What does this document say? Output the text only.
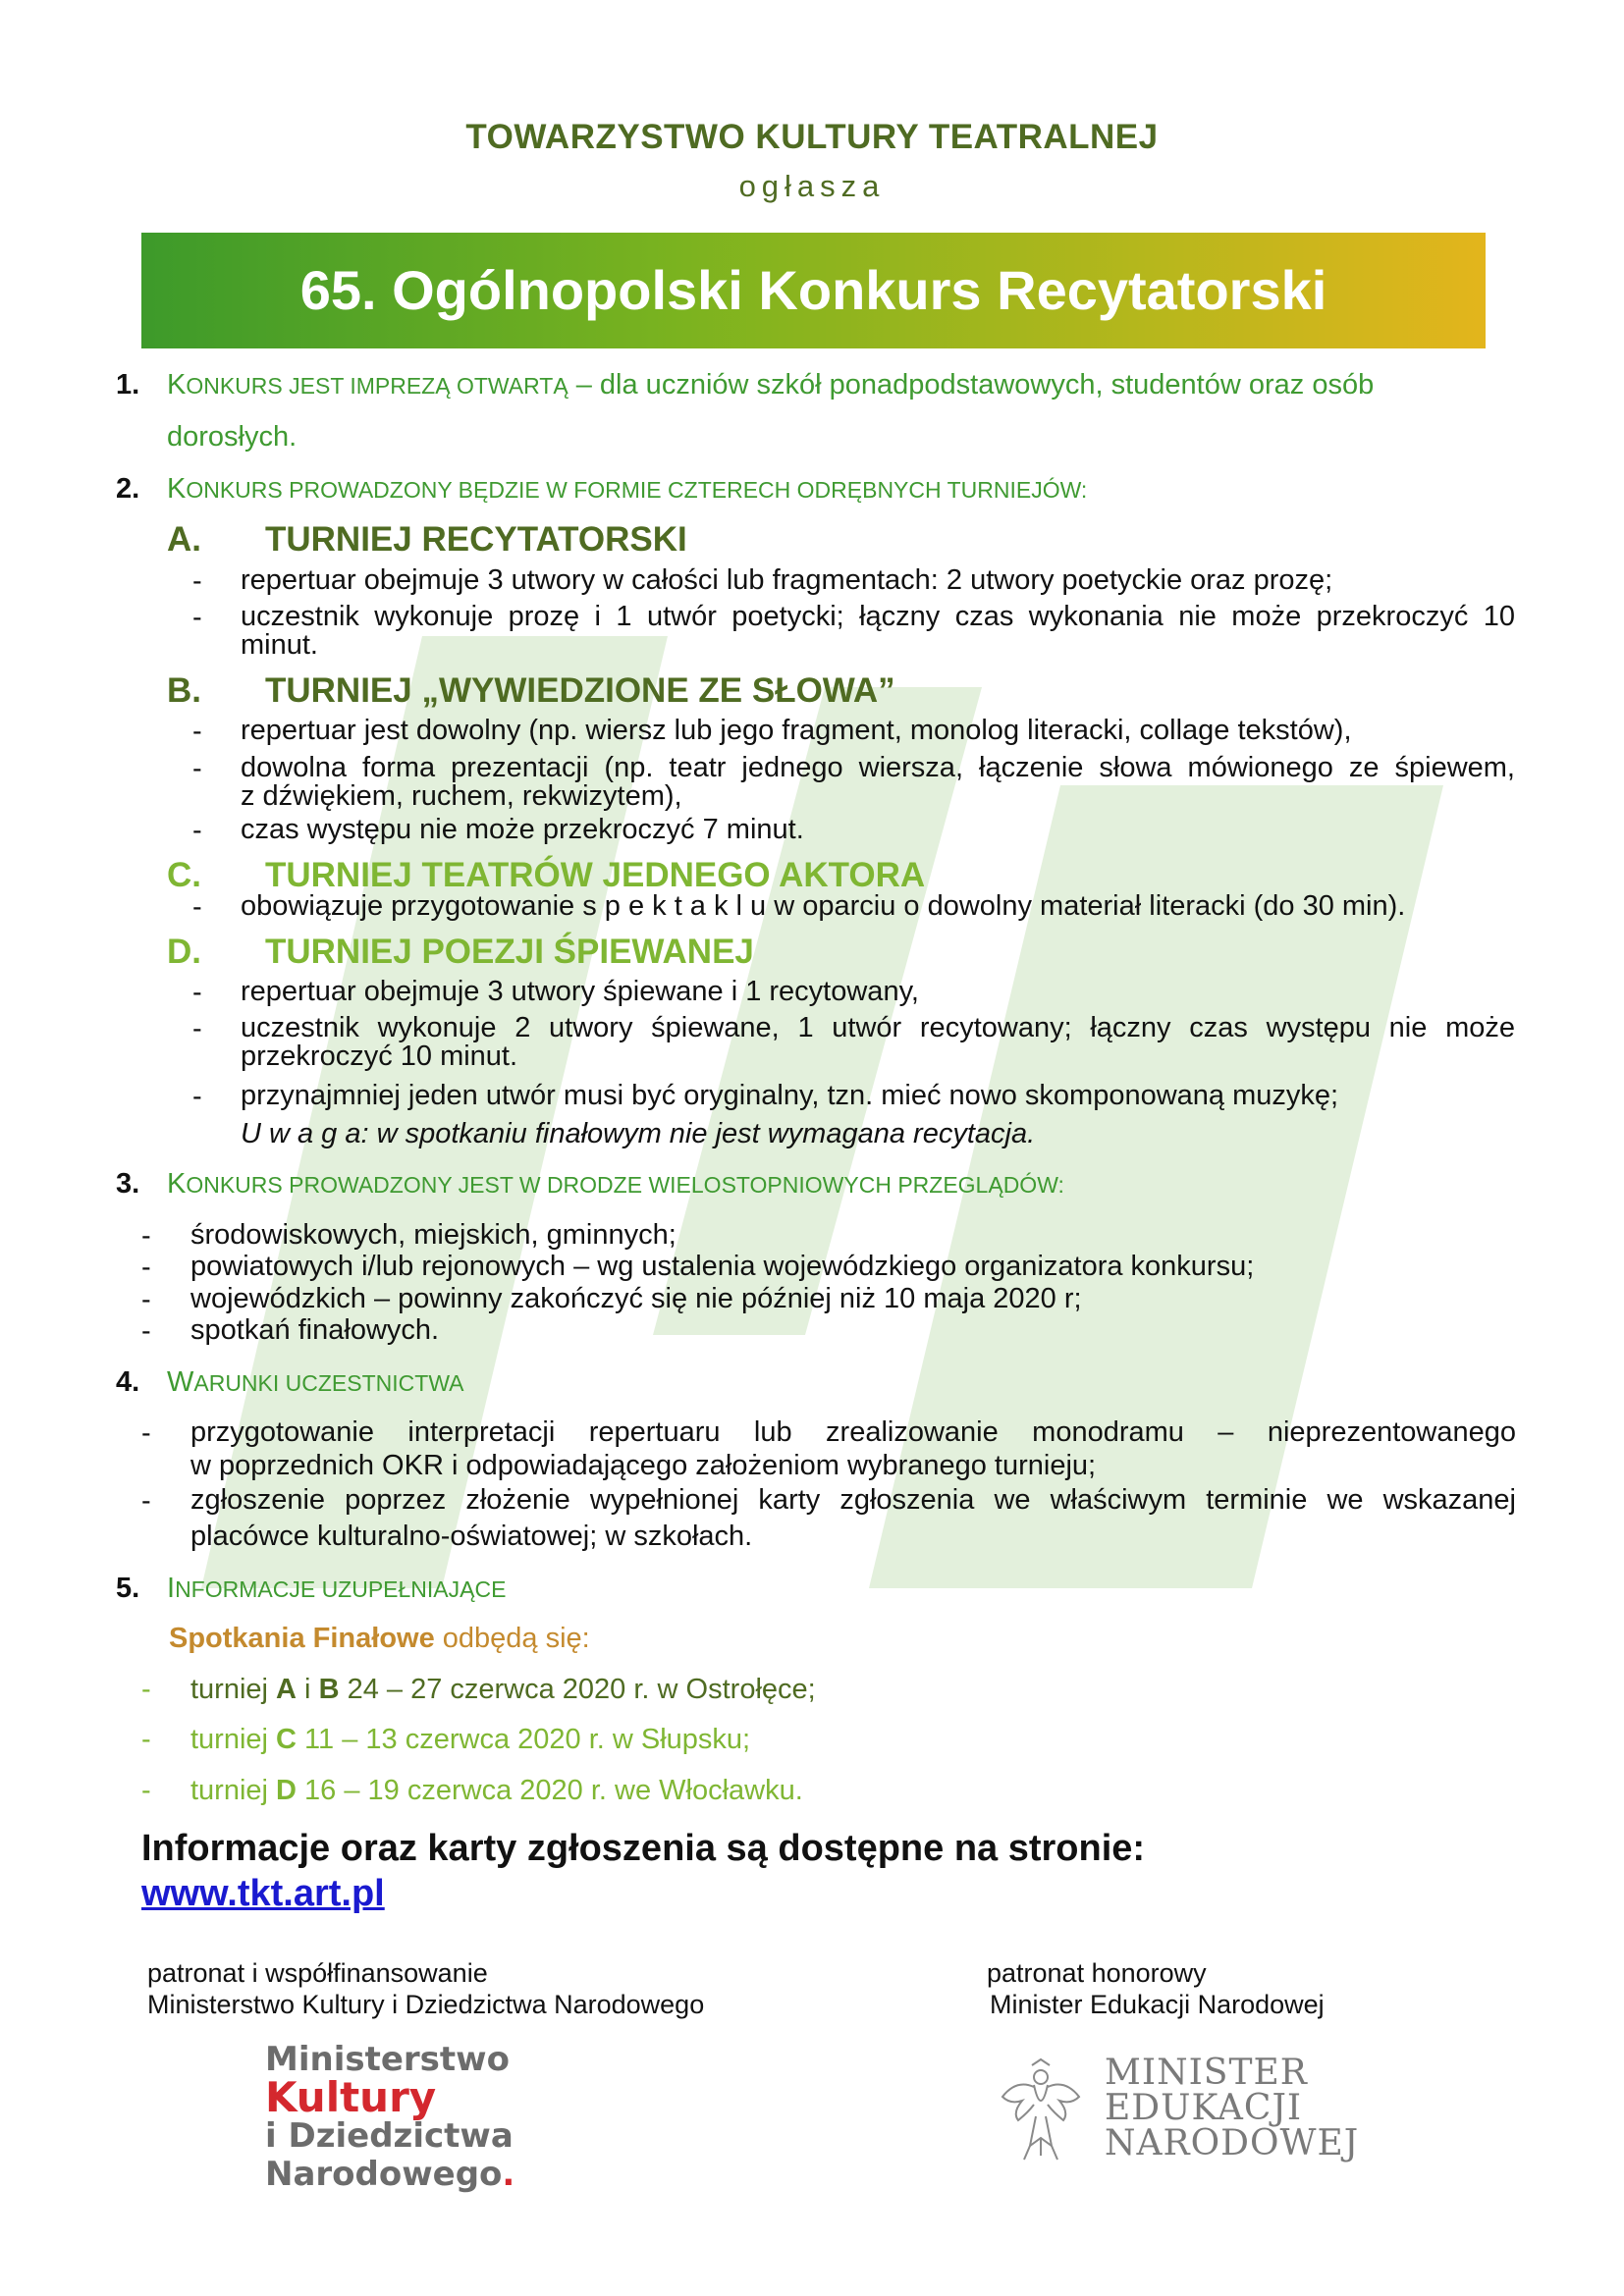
TOWARZYSTWO KULTURY TEATRALNEJ
ogłasza
65. Ogólnopolski Konkurs Recytatorski
1. KONKURS JEST IMPREZĄ OTWARTĄ – dla uczniów szkół ponadpodstawowych, studentów oraz osób
dorosłych.
2. KONKURS PROWADZONY BĘDZIE W FORMIE CZTERECH ODRĘBNYCH TURNIEJÓW:
A. TURNIEJ RECYTATORSKI
- repertuar obejmuje 3 utwory w całości lub fragmentach: 2 utwory poetyckie oraz prozę;
- uczestnik wykonuje prozę i 1 utwór poetycki; łączny czas wykonania nie może przekroczyć 10
minut.
B. TURNIEJ „WYWIEDZIONE ZE SŁOWA”
- repertuar jest dowolny (np. wiersz lub jego fragment, monolog literacki, collage tekstów),
- dowolna forma prezentacji (np. teatr jednego wiersza, łączenie słowa mówionego ze śpiewem,
z dźwiękiem, ruchem, rekwizytem),
- czas występu nie może przekroczyć 7 minut.
C. TURNIEJ TEATRÓW JEDNEGO AKTORA
- obowiązuje przygotowanie s p e k t a k l u w oparciu o dowolny materiał literacki (do 30 min).
D. TURNIEJ POEZJI ŚPIEWANEJ
- repertuar obejmuje 3 utwory śpiewane i 1 recytowany,
- uczestnik wykonuje 2 utwory śpiewane, 1 utwór recytowany; łączny czas występu nie może
przekroczyć 10 minut.
- przynajmniej jeden utwór musi być oryginalny, tzn. mieć nowo skomponowaną muzykę;
U w a g a: w spotkaniu finałowym nie jest wymagana recytacja.
3. KONKURS PROWADZONY JEST W DRODZE WIELOSTOPNIOWYCH PRZEGLĄDÓW:
- środowiskowych, miejskich, gminnych;
- powiatowych i/lub rejonowych – wg ustalenia wojewódzkiego organizatora konkursu;
- wojewódzkich – powinny zakończyć się nie później niż 10 maja 2020 r;
- spotkań finałowych.
4. WARUNKI UCZESTNICTWA
- przygotowanie interpretacji repertuaru lub zrealizowanie monodramu – nieprezentowanego
w poprzednich OKR i odpowiadającego założeniom wybranego turnieju;
- zgłoszenie poprzez złożenie wypełnionej karty zgłoszenia we właściwym terminie we wskazanej
placówce kulturalno-oświatowej; w szkołach.
5. INFORMACJE UZUPEŁNIAJĄCE
Spotkania Finałowe odbędą się:
- turniej A i B 24 – 27 czerwca 2020 r. w Ostrołęce;
- turniej C 11 – 13 czerwca 2020 r. w Słupsku;
- turniej D 16 – 19 czerwca 2020 r. we Włocławku.
Informacje oraz karty zgłoszenia są dostępne na stronie:
www.tkt.art.pl
patronat i współfinansowanie
Ministerstwo Kultury i Dziedzictwa Narodowego
patronat honorowy
Minister Edukacji Narodowej
Ministerstwo
Kultury
i Dziedzictwa
Narodowego.
MINISTER
EDUKACJI
NARODOWEJ
